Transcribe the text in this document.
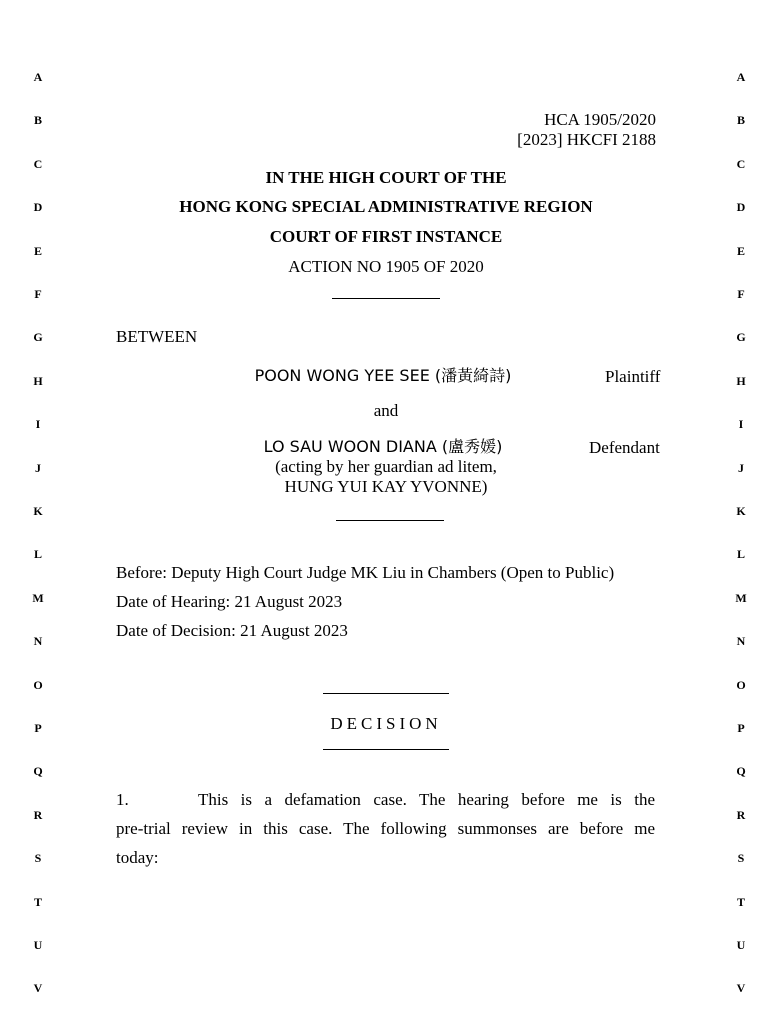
A
B
C
D
E
F
G
H
I
J
K
L
M
N
O
P
Q
R
S
T
U
V
A
B
C
D
E
F
G
H
I
J
K
L
M
N
O
P
Q
R
S
T
U
V
HCA 1905/2020
[2023] HKCFI 2188
IN THE HIGH COURT OF THE
HONG KONG SPECIAL ADMINISTRATIVE REGION
COURT OF FIRST INSTANCE
ACTION NO 1905 OF 2020
BETWEEN
POON WONG YEE SEE (潘黃綺詩)	Plaintiff
and
LO SAU WOON DIANA (盧秀媛)	Defendant
(acting by her guardian ad litem,
HUNG YUI KAY YVONNE)
Before: Deputy High Court Judge MK Liu in Chambers (Open to Public)
Date of Hearing: 21 August 2023
Date of Decision: 21 August 2023
DECISION
1.	This is a defamation case. The hearing before me is the
pre-trial review in this case. The following summonses are before me
today:
